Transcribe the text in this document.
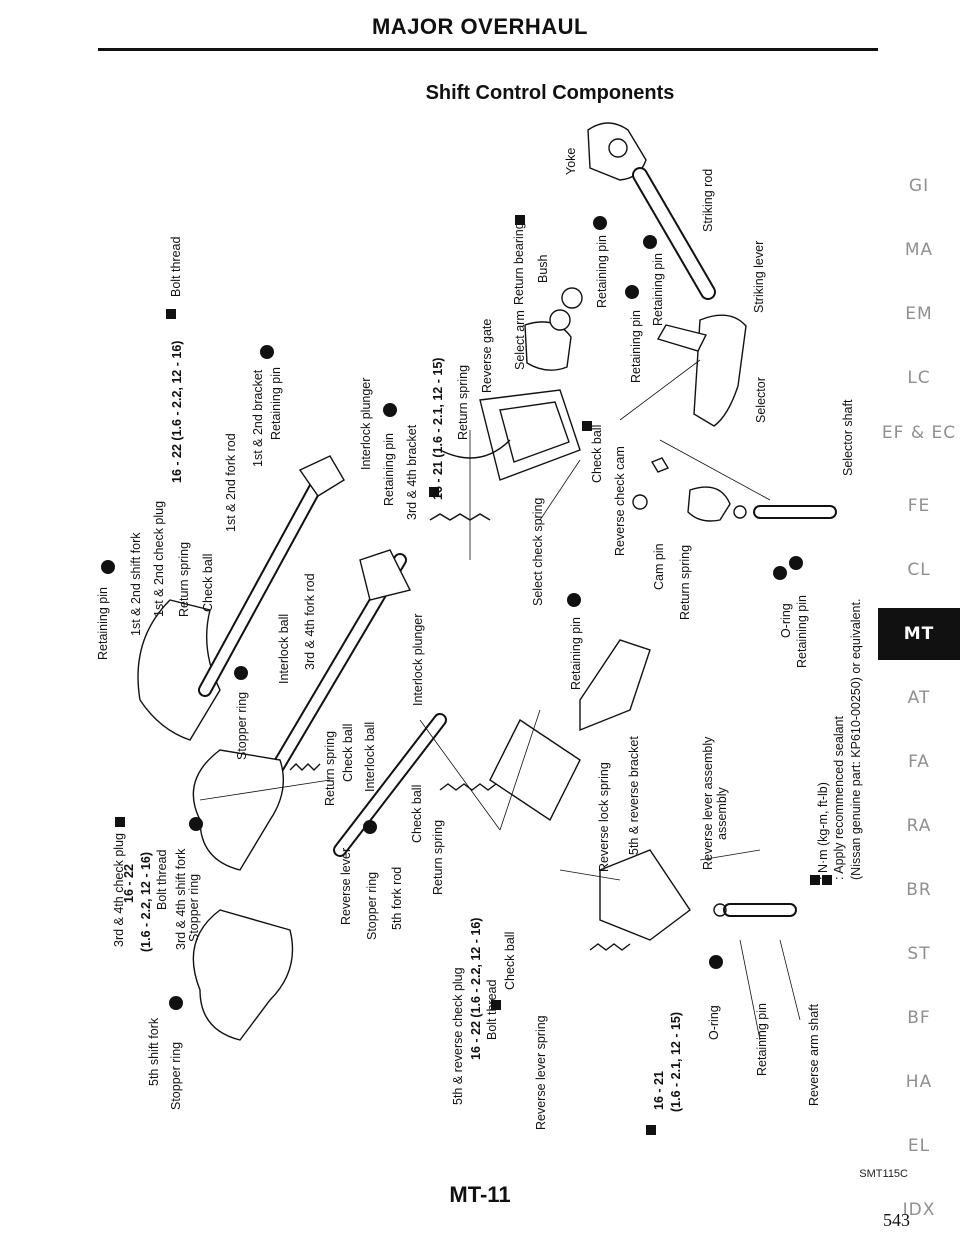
MAJOR OVERHAUL
Shift Control Components
Yoke
Striking rod
Striking lever
Return bearing Bush	Retaining pin	Retaining pin
Retaining pin
Select arm
Reverse gate
Return spring
16 - 21 (1.6 - 2.1, 12 - 15)	Selector	Selector shaft
Check ball Reverse check cam
Cam pin Return spring
O-ring Retaining pin
Select check spring
Retaining pin
Retaining pin 1st & 2nd shift fork 1st & 2nd check plug
16 - 22 (1.6 - 2.2, 12 - 16)
Bolt thread
Return spring Check ball
1st & 2nd fork rod
1st & 2nd bracket Retaining pin	Interlock plunger Retaining pin 3rd & 4th bracket
Interlock ball 3rd & 4th fork rod	Interlock plunger
Stopper ring
Return spring Check ball Interlock ball
3rd & 4th check plug
16 - 22 (1.6 - 2.2, 12 - 16) Bolt thread 3rd & 4th shift fork Stopper ring
5th shift fork Stopper ring
Reverse lever Stopper ring 5th fork rod
Check ball
Return spring
5th & reverse check plug 16 - 22 (1.6 - 2.2, 12 - 16) Bolt thread
Check ball
Reverse lock spring 5th & reverse bracket	Reverse lever assembly assembly
Reverse lever spring	O-ring	Retaining pin	Reverse arm shaft
16 - 21 (1.6 - 2.1, 12 - 15)
: N·m (kg-m, ft-lb) : Apply recommenced sealant (Nissan genuine part: KP610-00250) or equivalent.
GI
MA
EM
LC
EF & EC
FE
CL
MT
AT
FA
RA
BR
ST
BF
HA
EL
IDX
SMT115C
MT-11
543
